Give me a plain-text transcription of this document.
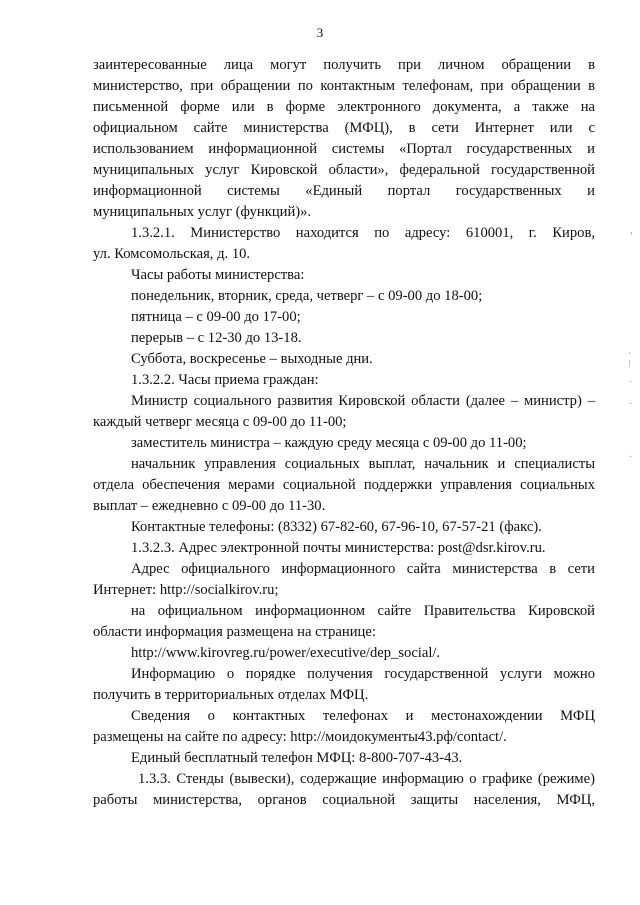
3

заинтересованные лица могут получить при личном обращении в

министерство, при обращении по контактным телефонам, при обращении в

письменной форме или в форме электронного документа, а также на

официальном сайте министерства (МФЦ), в сети Интернет или с

использованием информационной системы «Портал государственных и

муниципальных услуг Кировской области», федеральной государственной

информационной системы «Единый портал государственных и

муниципальных услуг (функций)».

1.3.2.1. Министерство находится по адресу: 610001, г. Киров,

ул. Комсомольская, д. 10.

Часы работы министерства:

понедельник, вторник, среда, четверг – с 09-00 до 18-00;

пятница – с 09-00 до 17-00;

перерыв – с 12-30 до 13-18.

Суббота, воскресенье – выходные дни.

1.3.2.2. Часы приема граждан:

Министр социального развития Кировской области (далее – министр) –

каждый четверг месяца с 09-00 до 11-00;

заместитель министра – каждую среду месяца с 09-00 до 11-00;

начальник управления социальных выплат, начальник и специалисты

отдела обеспечения мерами социальной поддержки управления социальных

выплат – ежедневно с 09-00 до 11-30.

Контактные телефоны: (8332) 67-82-60, 67-96-10, 67-57-21 (факс).

1.3.2.3. Адрес электронной почты министерства: post@dsr.kirov.ru.

Адрес официального информационного сайта министерства в сети

Интернет: http://socialkirov.ru;

на официальном информационном сайте Правительства Кировской

области информация размещена на странице:

http://www.kirovreg.ru/power/executive/dep_social/.

Информацию о порядке получения государственной услуги можно

получить в территориальных отделах МФЦ.

Сведения о контактных телефонах и местонахождении МФЦ

размещены на сайте по адресу: http://моидокументы43.рф/contact/.

Единый бесплатный телефон МФЦ: 8-800-707-43-43.

1.3.3. Стенды (вывески), содержащие информацию о графике (режиме)

работы министерства, органов социальной защиты населения, МФЦ,

'
·
⁝
·
·
·
